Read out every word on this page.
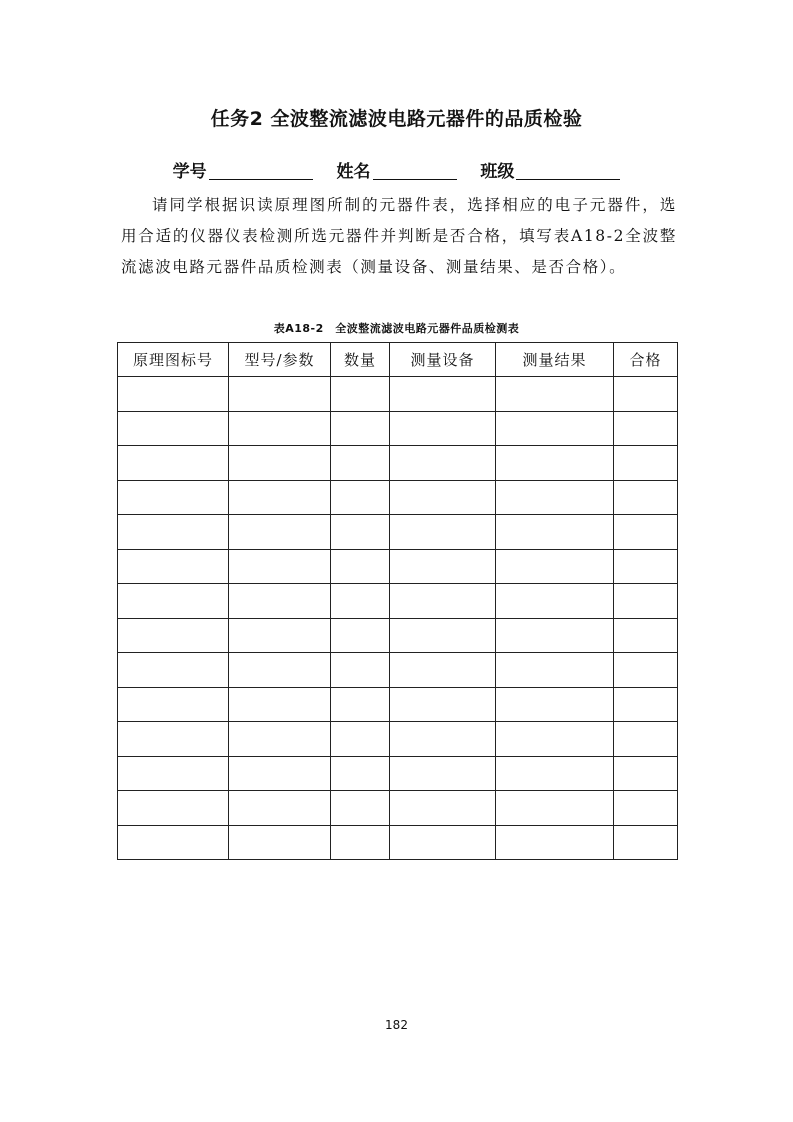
任务2 全波整流滤波电路元器件的品质检验
学号	姓名	班级

请同学根据识读原理图所制的元器件表，选择相应的电子元器件，选用合适的仪器仪表检测所选元器件并判断是否合格，填写表A18-2全波整流滤波电路元器件品质检测表（测量设备、测量结果、是否合格）。

表A18-2　全波整流滤波电路元器件品质检测表
原理图标号	型号/参数	数量	测量设备	测量结果	合格

182
